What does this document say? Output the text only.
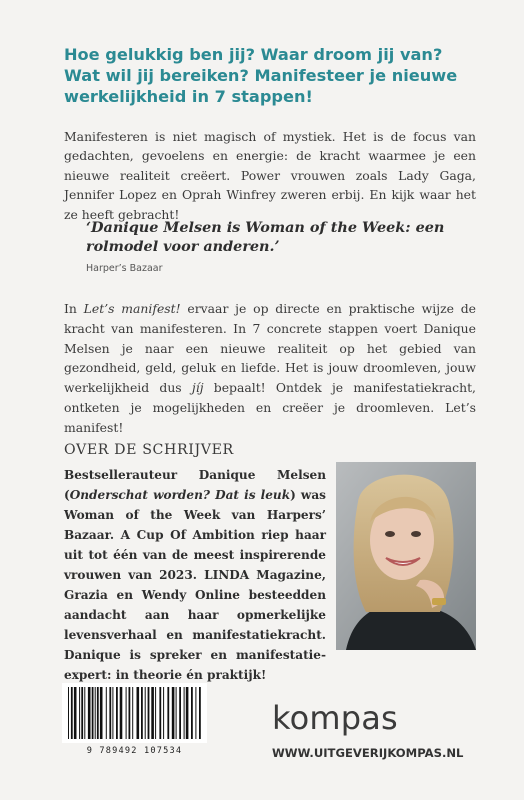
Hoe gelukkig ben jij? Waar droom jij van? Wat wil jij bereiken? Manifesteer je nieuwe werkelijkheid in 7 stappen!
Manifesteren is niet magisch of mystiek. Het is de focus van gedachten, gevoelens en energie: de kracht waarmee je een nieuwe realiteit creëert. Power vrouwen zoals Lady Gaga, Jennifer Lopez en Oprah Winfrey zweren erbij. En kijk waar het ze heeft gebracht!
‘Danique Melsen is Woman of the Week: een rolmodel voor anderen.’
Harper’s Bazaar
In Let’s manifest! ervaar je op directe en praktische wijze de kracht van manifesteren. In 7 concrete stappen voert Danique Melsen je naar een nieuwe realiteit op het gebied van gezondheid, geld, geluk en liefde. Het is jouw droomleven, jouw werkelijkheid dus jíj bepaalt! Ontdek je manifestatiekracht, ontketen je mogelijkheden en creëer je droomleven. Let’s manifest!
OVER DE SCHRIJVER
Bestsellerauteur Danique Melsen (Onderschat worden? Dat is leuk) was Woman of the Week van Harpers’ Bazaar. A Cup Of Ambition riep haar uit tot één van de meest inspirerende vrouwen van 2023. LINDA Magazine, Grazia en Wendy Online besteedden aandacht aan haar opmerkelijke levensverhaal en manifestatiekracht. Danique is spreker en manifestatieexpert: in theorie én praktijk!
9 789492 107534
kompas
WWW.UITGEVERIJKOMPAS.NL
